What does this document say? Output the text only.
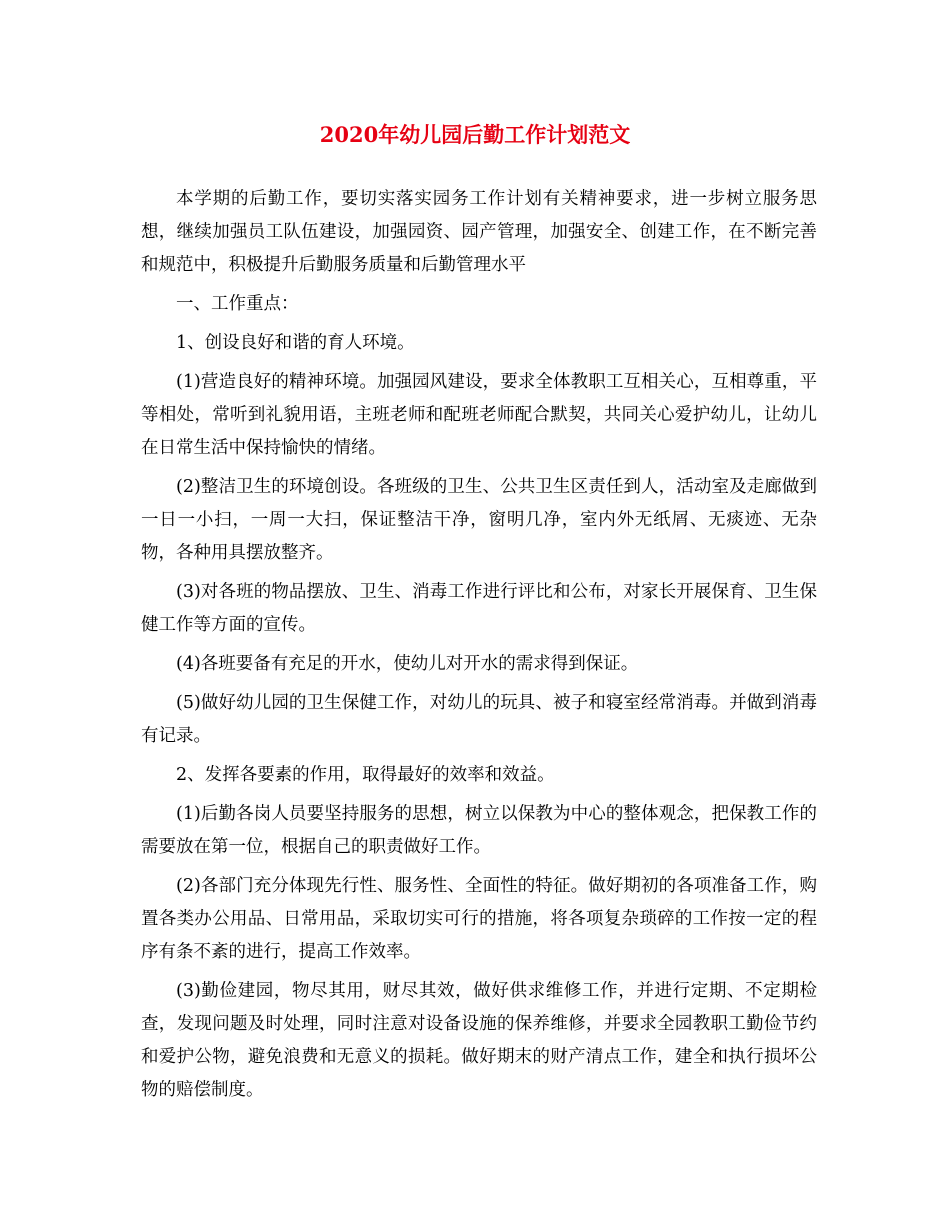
2020年幼儿园后勤工作计划范文

本学期的后勤工作，要切实落实园务工作计划有关精神要求，进一步树立服务思想，继续加强员工队伍建设，加强园资、园产管理，加强安全、创建工作，在不断完善和规范中，积极提升后勤服务质量和后勤管理水平

一、工作重点：

1、创设良好和谐的育人环境。

(1)营造良好的精神环境。加强园风建设，要求全体教职工互相关心，互相尊重，平等相处，常听到礼貌用语，主班老师和配班老师配合默契，共同关心爱护幼儿，让幼儿在日常生活中保持愉快的情绪。

(2)整洁卫生的环境创设。各班级的卫生、公共卫生区责任到人，活动室及走廊做到一日一小扫，一周一大扫，保证整洁干净，窗明几净，室内外无纸屑、无痰迹、无杂物，各种用具摆放整齐。

(3)对各班的物品摆放、卫生、消毒工作进行评比和公布，对家长开展保育、卫生保健工作等方面的宣传。

(4)各班要备有充足的开水，使幼儿对开水的需求得到保证。

(5)做好幼儿园的卫生保健工作，对幼儿的玩具、被子和寝室经常消毒。并做到消毒有记录。

2、发挥各要素的作用，取得最好的效率和效益。

(1)后勤各岗人员要坚持服务的思想，树立以保教为中心的整体观念，把保教工作的需要放在第一位，根据自己的职责做好工作。

(2)各部门充分体现先行性、服务性、全面性的特征。做好期初的各项准备工作，购置各类办公用品、日常用品，采取切实可行的措施，将各项复杂琐碎的工作按一定的程序有条不紊的进行，提高工作效率。

(3)勤俭建园，物尽其用，财尽其效，做好供求维修工作，并进行定期、不定期检查，发现问题及时处理，同时注意对设备设施的保养维修，并要求全园教职工勤俭节约和爱护公物，避免浪费和无意义的损耗。做好期末的财产清点工作，建全和执行损坏公物的赔偿制度。
